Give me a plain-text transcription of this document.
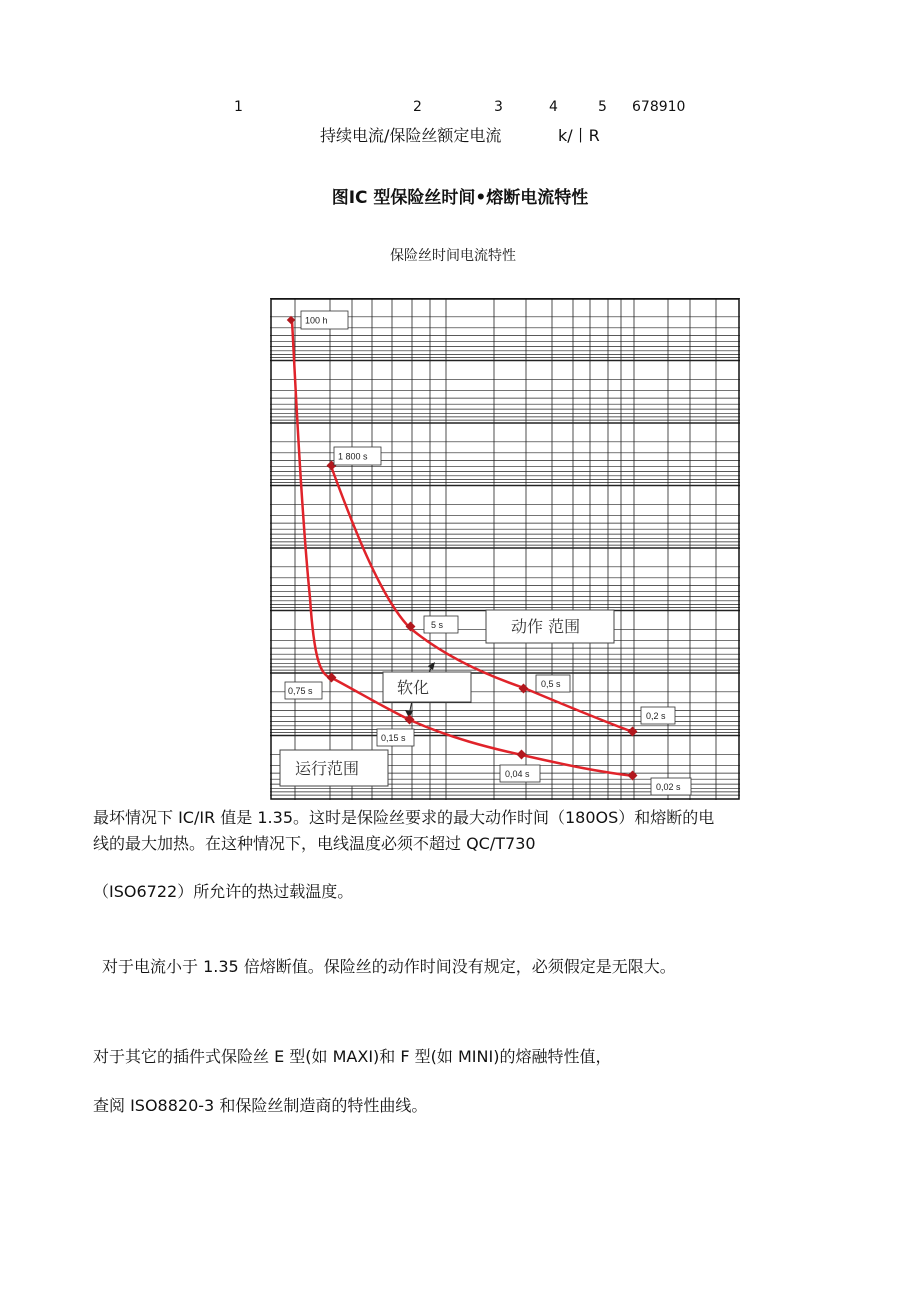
1	2	3	4	5 678910
持续电流/保险丝额定电流	k/丨R
图IC 型保险丝时间•熔断电流特性
保险丝时间电流特性
100 h
1 800 s
5 s
0,75 s
0,5 s
0,15 s
0,2 s
0,04 s
0,02 s
动作 范围
软化
运行范围
最坏情况下 IC/IR 值是 1.35。这时是保险丝要求的最大动作时间（180OS）和熔断的电
线的最大加热。在这种情况下，电线温度必须不超过 QC/T730
（ISO6722）所允许的热过载温度。
对于电流小于 1.35 倍熔断值。保险丝的动作时间没有规定，必须假定是无限大。
对于其它的插件式保险丝 E 型(如 MAXI)和 F 型(如 MINI)的熔融特性值，
查阅 ISO8820-3 和保险丝制造商的特性曲线。
